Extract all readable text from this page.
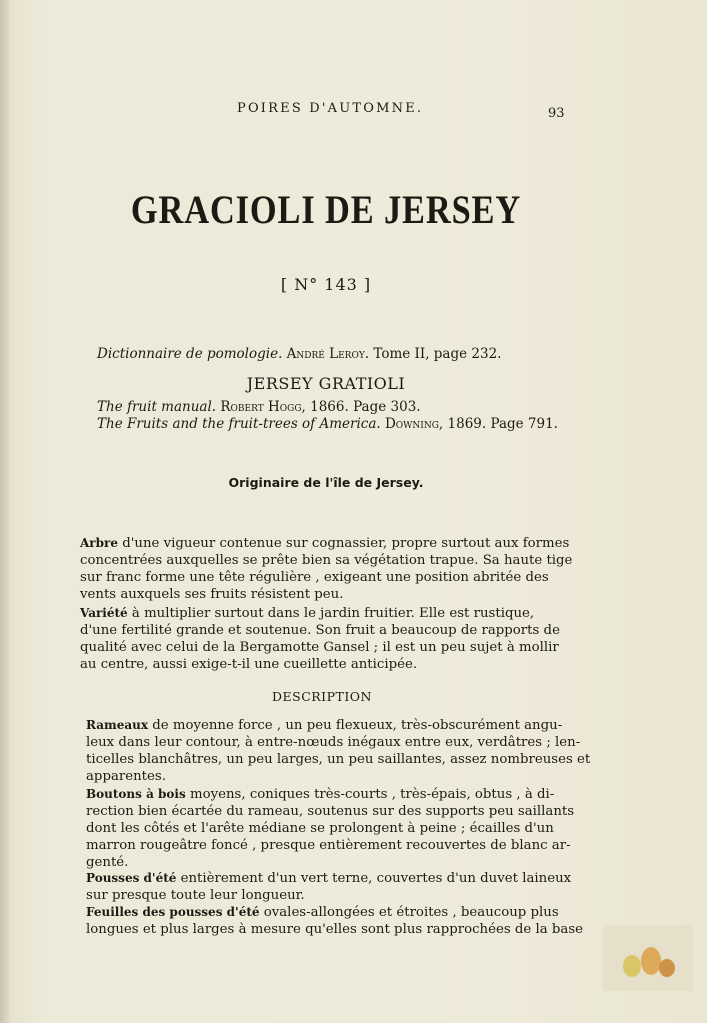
POIRES D'AUTOMNE.	93
GRACIOLI DE JERSEY
[ N° 143 ]
Dictionnaire de pomologie. André Leroy. Tome II, page 232.
JERSEY GRATIOLI
The fruit manual. Robert Hogg, 1866. Page 303.
The Fruits and the fruit-trees of America. Downing, 1869. Page 791.
Originaire de l'île de Jersey.
Arbre d'une vigueur contenue sur cognassier, propre surtout aux formes
concentrées auxquelles se prête bien sa végétation trapue. Sa haute tige
sur franc forme une tête régulière , exigeant une position abritée des
vents auxquels ses fruits résistent peu.
Variété à multiplier surtout dans le jardin fruitier. Elle est rustique,
d'une fertilité grande et soutenue. Son fruit a beaucoup de rapports de
qualité avec celui de la Bergamotte Gansel ; il est un peu sujet à mollir
au centre, aussi exige-t-il une cueillette anticipée.
DESCRIPTION
Rameaux de moyenne force , un peu flexueux, très-obscurément angu-
leux dans leur contour, à entre-nœuds inégaux entre eux, verdâtres ; len-
ticelles blanchâtres, un peu larges, un peu saillantes, assez nombreuses et
apparentes.
Boutons à bois moyens, coniques très-courts , très-épais, obtus , à di-
rection bien écartée du rameau, soutenus sur des supports peu saillants
dont les côtés et l'arête médiane se prolongent à peine ; écailles d'un
marron rougeâtre foncé , presque entièrement recouvertes de blanc ar-
genté.
Pousses d'été entièrement d'un vert terne, couvertes d'un duvet laineux
sur presque toute leur longueur.
Feuilles des pousses d'été ovales-allongées et étroites , beaucoup plus
longues et plus larges à mesure qu'elles sont plus rapprochées de la base
